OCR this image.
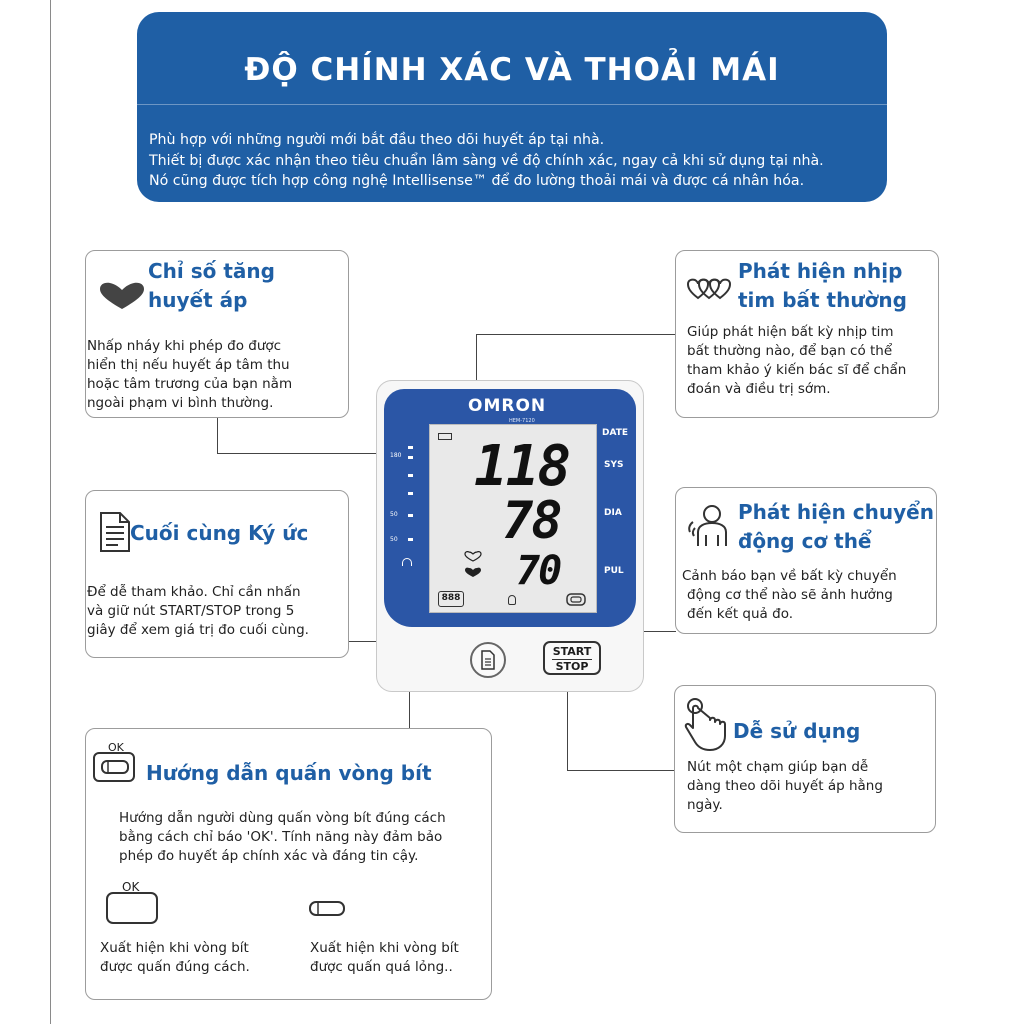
ĐỘ CHÍNH XÁC VÀ THOẢI MÁI
Phù hợp với những người mới bắt đầu theo dõi huyết áp tại nhà.
Thiết bị được xác nhận theo tiêu chuẩn lâm sàng về độ chính xác, ngay cả khi sử dụng tại nhà.
Nó cũng được tích hợp công nghệ Intellisense™ để đo lường thoải mái và được cá nhân hóa.
Chỉ số tăng
huyết áp
Nhấp nháy khi phép đo được
hiển thị nếu huyết áp tâm thu
hoặc tâm trương của bạn nằm
ngoài phạm vi bình thường.
Phát hiện nhịp
tim bất thường
Giúp phát hiện bất kỳ nhịp tim
bất thường nào, để bạn có thể
tham khảo ý kiến bác sĩ để chẩn
đoán và điều trị sớm.
Cuối cùng Ký ức
Để dễ tham khảo. Chỉ cần nhấn
và giữ nút START/STOP trong 5
giây để xem giá trị đo cuối cùng.
Phát hiện chuyển
động cơ thể
Cảnh báo bạn về bất kỳ chuyển
động cơ thể nào sẽ ảnh hưởng
đến kết quả đo.
Dễ sử dụng
Nút một chạm giúp bạn dễ
dàng theo dõi huyết áp hằng
ngày.
OK
Hướng dẫn quấn vòng bít
Hướng dẫn người dùng quấn vòng bít đúng cách
bằng cách chỉ báo 'OK'. Tính năng này đảm bảo
phép đo huyết áp chính xác và đáng tin cậy.
OK
Xuất hiện khi vòng bít
được quấn đúng cách.
Xuất hiện khi vòng bít
được quấn quá lỏng..
OMRON
HEM-7120
DATE
SYS
DIA
PUL
180
50
50
118
78
70
888
START
STOP
